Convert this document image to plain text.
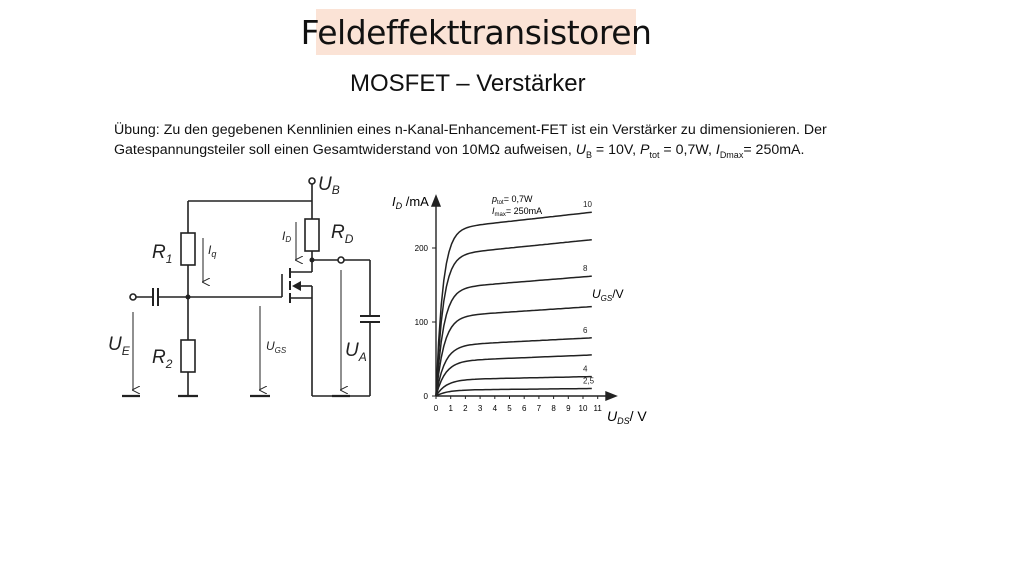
Feldeffekttransistoren
MOSFET – Verstärker
Übung: Zu den gegebenen Kennlinien eines n-Kanal-Enhancement-FET ist ein Verstärker zu dimensionieren. Der Gatespannungsteiler soll einen Gesamtwiderstand von 10MΩ aufweisen, $U_B = 10V$, $P_{tot} = 0,7W$, $I_{Dmax}= 250mA$.
$U_B$
$R_D$
ID
$R_1$
$I_q$
$R_2$
$U_E$	$U_{GS}$	$U_A$
0 1 2 3 4 5 6 7 8 9 10 11
0
100
200
10
8
6
4
2,5
$I_D$ /mA
$U_{DS}/$ V
$p_{tot}= 0,7W$
$I_{max}= 250mA$
$U_{GS}/V$
